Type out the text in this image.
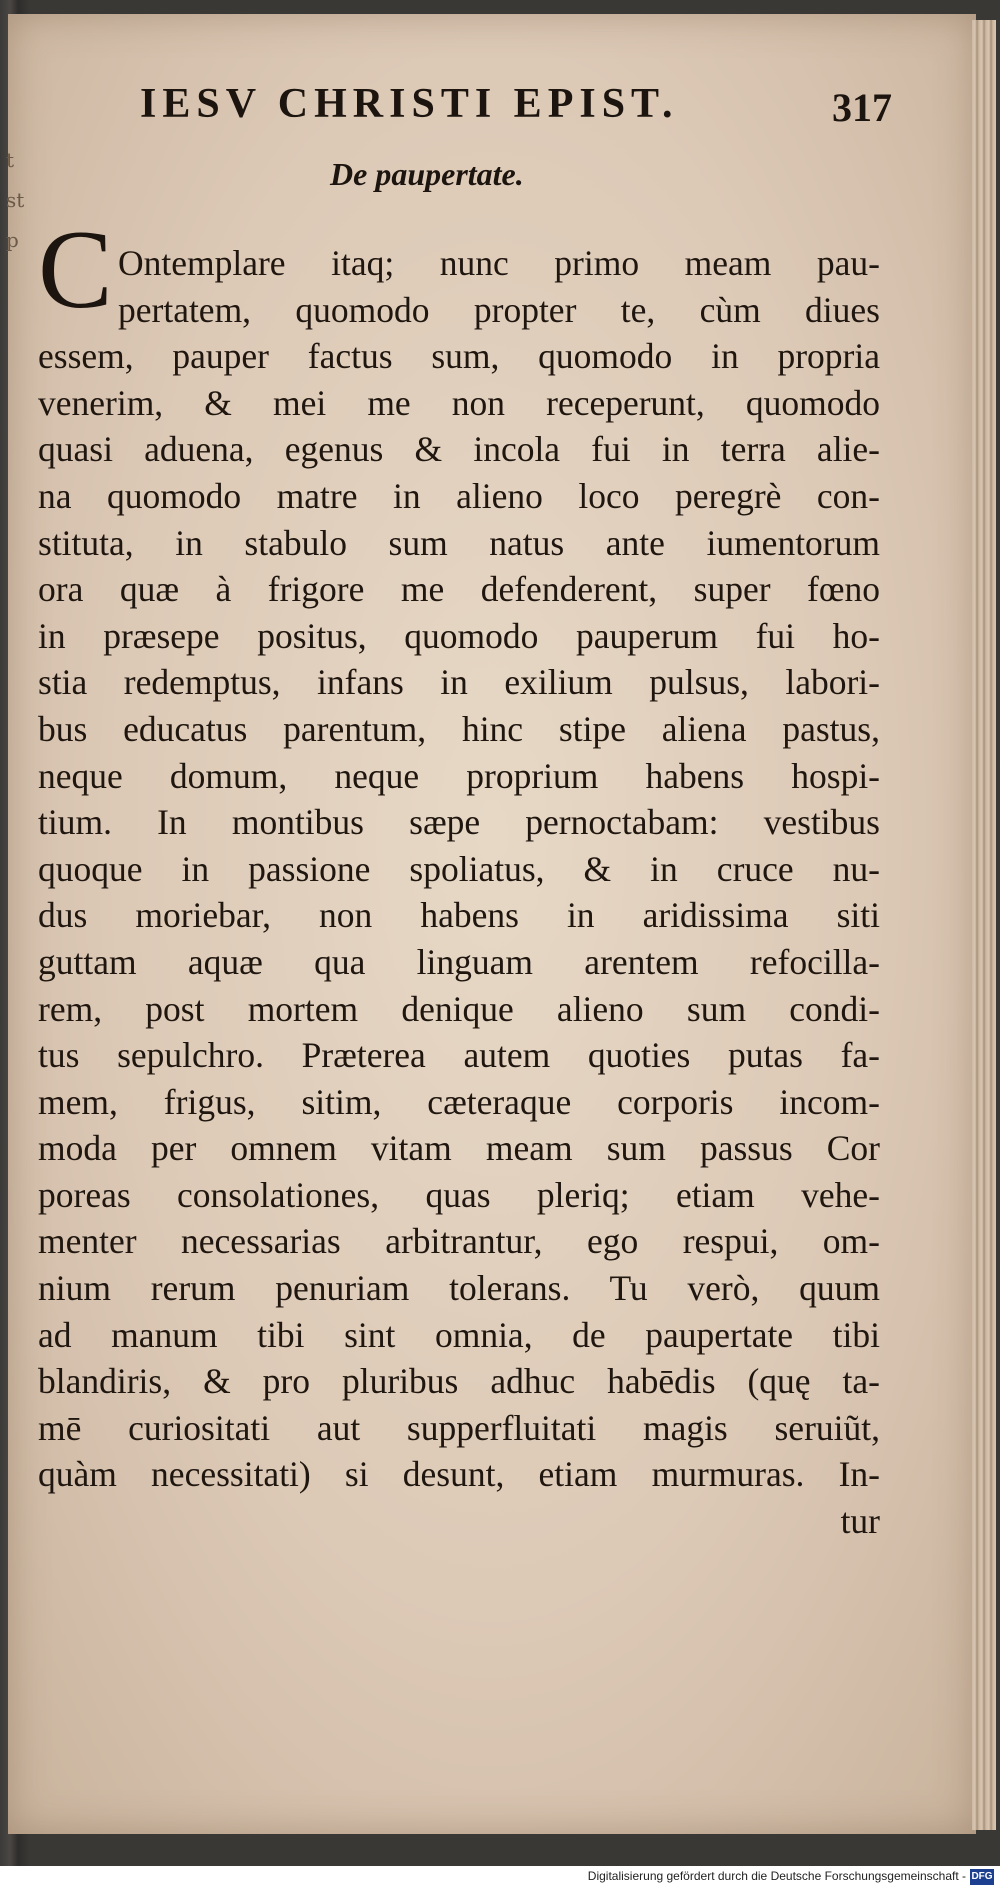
t
st
p
IESV CHRISTI EPIST.	317
De paupertate.
C Ontemplare itaq; nunc primo meam pau-
pertatem, quomodo propter te, cùm diues
essem, pauper factus sum, quomodo in propria
venerim, & mei me non receperunt, quomodo
quasi aduena, egenus & incola fui in terra alie-
na quomodo matre in alieno loco peregrè con-
stituta, in stabulo sum natus ante iumentorum
ora quæ à frigore me defenderent, super fœno
in præsepe positus, quomodo pauperum fui ho-
stia redemptus, infans in exilium pulsus, labori-
bus educatus parentum, hinc stipe aliena pastus,
neque domum, neque proprium habens hospi-
tium. In montibus sæpe pernoctabam: vestibus
quoque in passione spoliatus, & in cruce nu-
dus moriebar, non habens in aridissima siti
guttam aquæ qua linguam arentem refocilla-
rem, post mortem denique alieno sum condi-
tus sepulchro. Præterea autem quoties putas fa-
mem, frigus, sitim, cæteraque corporis incom-
moda per omnem vitam meam sum passus Cor
poreas consolationes, quas pleriq; etiam vehe-
menter necessarias arbitrantur, ego respui, om-
nium rerum penuriam tolerans. Tu verò, quum
ad manum tibi sint omnia, de paupertate tibi
blandiris, & pro pluribus adhuc habēdis (quę ta-
mē curiositati aut supperfluitati magis seruiũt,
quàm necessitati) si desunt, etiam murmuras. In-
tur
Digitalisierung gefördert durch die Deutsche Forschungsgemeinschaft - DFG
